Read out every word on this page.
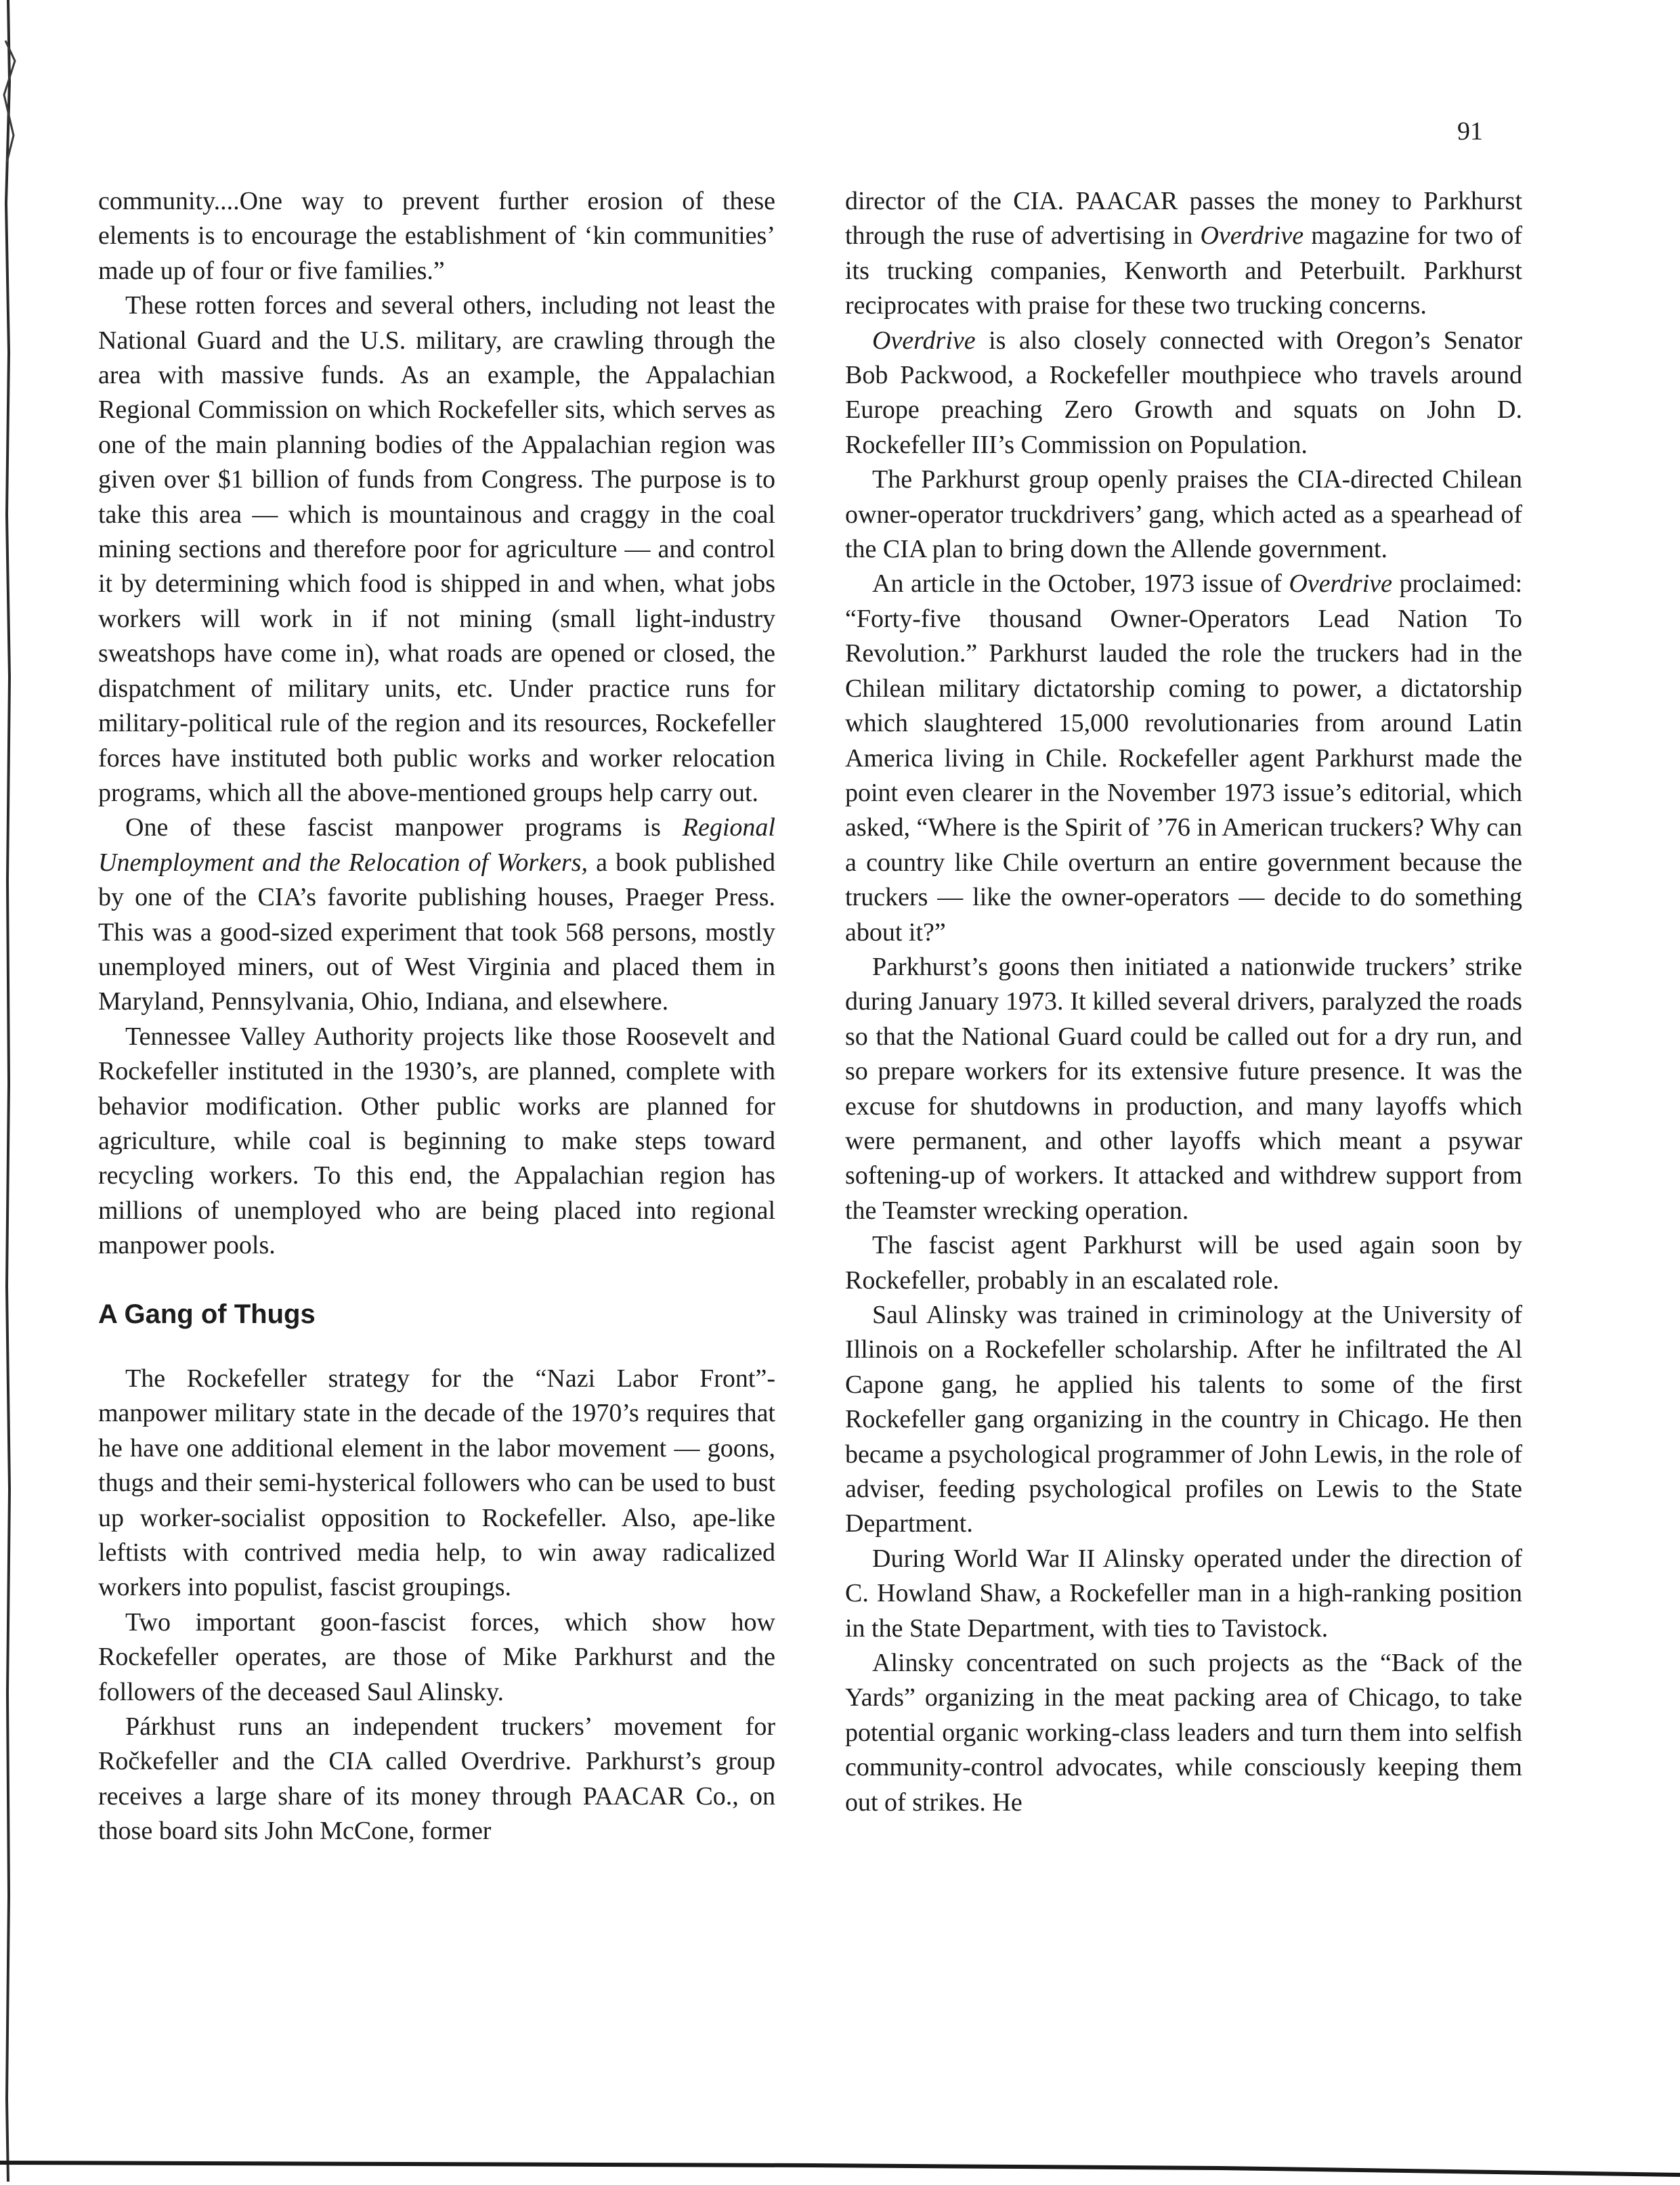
91

community....One way to prevent further erosion of these elements is to encourage the establishment of ‘kin communities’ made up of four or five families.”

These rotten forces and several others, including not least the National Guard and the U.S. military, are crawling through the area with massive funds. As an example, the Appalachian Regional Commission on which Rockefeller sits, which serves as one of the main planning bodies of the Appalachian region was given over $1 billion of funds from Congress. The purpose is to take this area — which is mountainous and craggy in the coal mining sections and therefore poor for agriculture — and control it by determining which food is shipped in and when, what jobs workers will work in if not mining (small light-industry sweatshops have come in), what roads are opened or closed, the dispatchment of military units, etc. Under practice runs for military-political rule of the region and its resources, Rockefeller forces have instituted both public works and worker relocation programs, which all the above-mentioned groups help carry out.

One of these fascist manpower programs is Regional Unemployment and the Relocation of Workers, a book published by one of the CIA’s favorite publishing houses, Praeger Press. This was a good-sized experiment that took 568 persons, mostly unemployed miners, out of West Virginia and placed them in Maryland, Pennsylvania, Ohio, Indiana, and elsewhere.

Tennessee Valley Authority projects like those Roosevelt and Rockefeller instituted in the 1930’s, are planned, complete with behavior modification. Other public works are planned for agriculture, while coal is beginning to make steps toward recycling workers. To this end, the Appalachian region has millions of unemployed who are being placed into regional manpower pools.

A Gang of Thugs

The Rockefeller strategy for the “Nazi Labor Front”-manpower military state in the decade of the 1970’s requires that he have one additional element in the labor movement — goons, thugs and their semi-hysterical followers who can be used to bust up worker-socialist opposition to Rockefeller. Also, ape-like leftists with contrived media help, to win away radicalized workers into populist, fascist groupings.

Two important goon-fascist forces, which show how Rockefeller operates, are those of Mike Parkhurst and the followers of the deceased Saul Alinsky.

Párkhust runs an independent truckers’ movement for Ročkefeller and the CIA called Overdrive. Parkhurst’s group receives a large share of its money through PAACAR Co., on those board sits John McCone, former

director of the CIA. PAACAR passes the money to Parkhurst through the ruse of advertising in Overdrive magazine for two of its trucking companies, Kenworth and Peterbuilt. Parkhurst reciprocates with praise for these two trucking concerns.

Overdrive is also closely connected with Oregon’s Senator Bob Packwood, a Rockefeller mouthpiece who travels around Europe preaching Zero Growth and squats on John D. Rockefeller III’s Commission on Population.

The Parkhurst group openly praises the CIA-directed Chilean owner-operator truckdrivers’ gang, which acted as a spearhead of the CIA plan to bring down the Allende government.

An article in the October, 1973 issue of Overdrive proclaimed: “Forty-five thousand Owner-Operators Lead Nation To Revolution.” Parkhurst lauded the role the truckers had in the Chilean military dictatorship coming to power, a dictatorship which slaughtered 15,000 revolutionaries from around Latin America living in Chile. Rockefeller agent Parkhurst made the point even clearer in the November 1973 issue’s editorial, which asked, “Where is the Spirit of ’76 in American truckers? Why can a country like Chile overturn an entire government because the truckers — like the owner-operators — decide to do something about it?”

Parkhurst’s goons then initiated a nationwide truckers’ strike during January 1973. It killed several drivers, paralyzed the roads so that the National Guard could be called out for a dry run, and so prepare workers for its extensive future presence. It was the excuse for shutdowns in production, and many layoffs which were permanent, and other layoffs which meant a psywar softening-up of workers. It attacked and withdrew support from the Teamster wrecking operation.

The fascist agent Parkhurst will be used again soon by Rockefeller, probably in an escalated role.

Saul Alinsky was trained in criminology at the University of Illinois on a Rockefeller scholarship. After he infiltrated the Al Capone gang, he applied his talents to some of the first Rockefeller gang organizing in the country in Chicago. He then became a psychological programmer of John Lewis, in the role of adviser, feeding psychological profiles on Lewis to the State Department.

During World War II Alinsky operated under the direction of C. Howland Shaw, a Rockefeller man in a high-ranking position in the State Department, with ties to Tavistock.

Alinsky concentrated on such projects as the “Back of the Yards” organizing in the meat packing area of Chicago, to take potential organic working-class leaders and turn them into selfish community-control advocates, while consciously keeping them out of strikes. He
